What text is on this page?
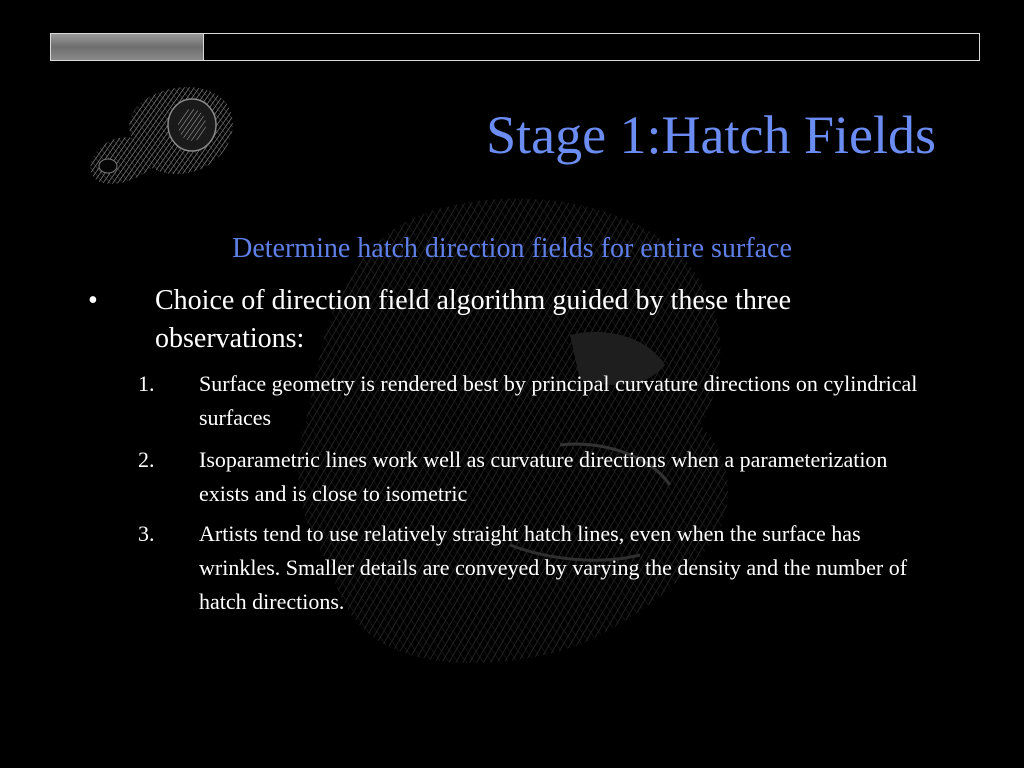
Stage 1:Hatch Fields
Determine hatch direction fields for entire surface
• Choice of direction field algorithm guided by these three observations:
1. Surface geometry is rendered best by principal curvature directions on cylindrical surfaces
2. Isoparametric lines work well as curvature directions when a parameterization exists and is close to isometric
3. Artists tend to use relatively straight hatch lines, even when the surface has wrinkles. Smaller details are conveyed by varying the density and the number of hatch directions.
